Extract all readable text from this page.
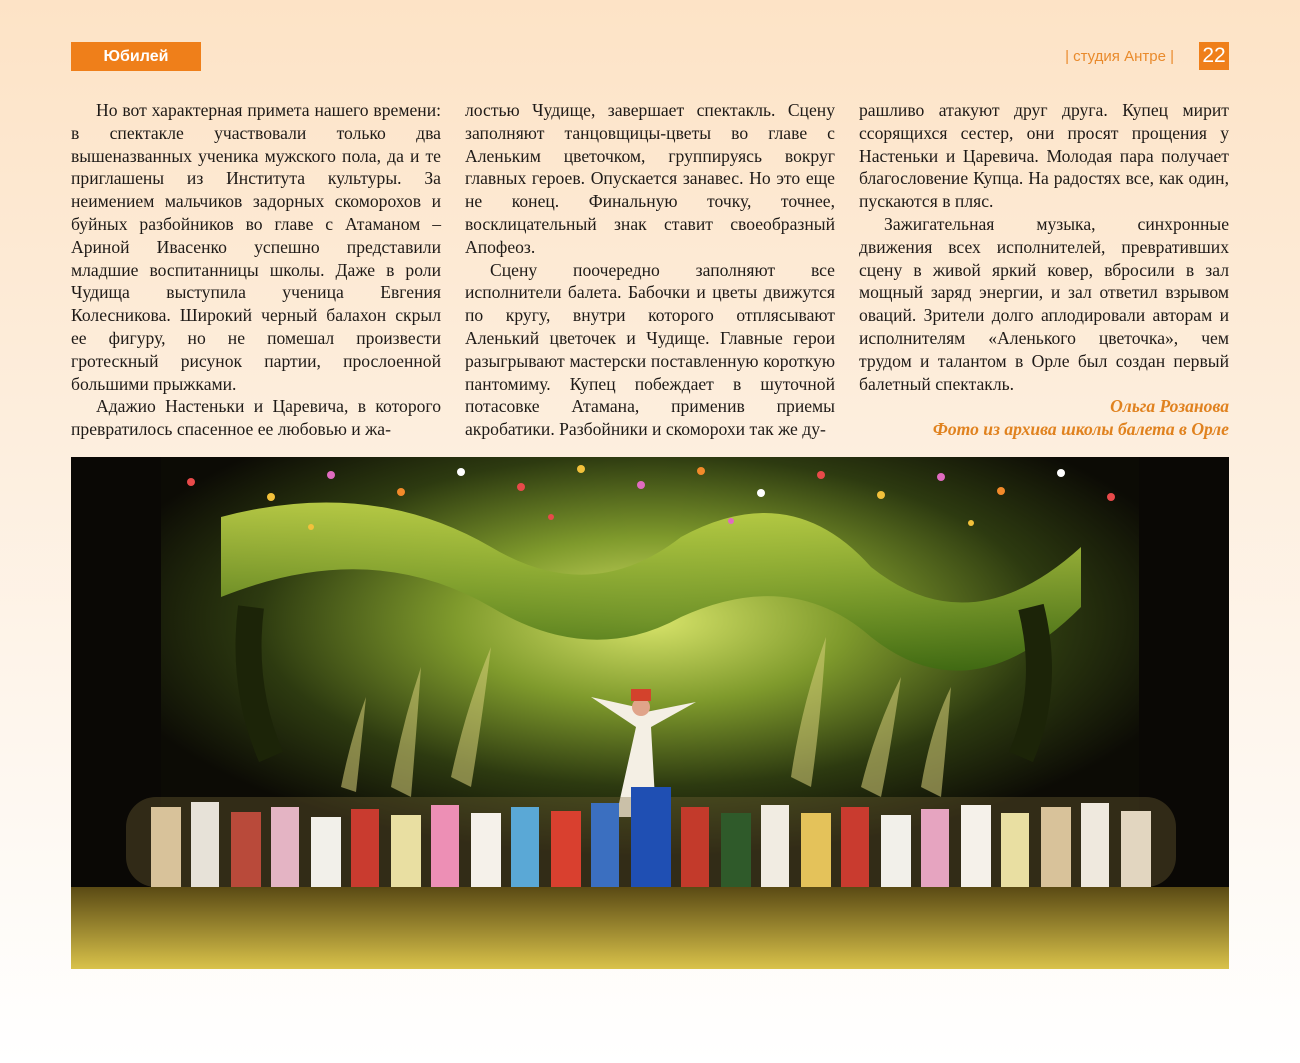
Юбилей	| студия Антре | 22

Но вот характерная примета нашего времени: в спектакле участвовали только два вышеназванных ученика мужского пола, да и те приглашены из Института культуры. За неимением мальчиков задорных скоморохов и буйных разбойников во главе с Атаманом – Ариной Ивасенко успешно представили младшие воспитанницы школы. Даже в роли Чудища выступила ученица Евгения Колесникова. Широкий черный балахон скрыл ее фигуру, но не помешал произвести гротескный рисунок партии, прослоенной большими прыжками.

Адажио Настеньки и Царевича, в которого превратилось спасенное ее любовью и жа-

лостью Чудище, завершает спектакль. Сцену заполняют танцовщицы-цветы во главе с Аленьким цветочком, группируясь вокруг главных героев. Опускается занавес. Но это еще не конец. Финальную точку, точнее, восклицательный знак ставит своеобразный Апофеоз.

Сцену поочередно заполняют все исполнители балета. Бабочки и цветы движутся по кругу, внутри которого отплясывают Аленький цветочек и Чудище. Главные герои разыгрывают мастерски поставленную короткую пантомиму. Купец побеждает в шуточной потасовке Атамана, применив приемы акробатики. Разбойники и скоморохи так же ду-

рашливо атакуют друг друга. Купец мирит ссорящихся сестер, они просят прощения у Настеньки и Царевича. Молодая пара получает благословение Купца. На радостях все, как один, пускаются в пляс.

Зажигательная музыка, синхронные движения всех исполнителей, превративших сцену в живой яркий ковер, вбросили в зал мощный заряд энергии, и зал ответил взрывом оваций. Зрители долго аплодировали авторам и исполнителям «Аленького цветочка», чем трудом и талантом в Орле был создан первый балетный спектакль.

Ольга Розанова
Фото из архива школы балета в Орле
